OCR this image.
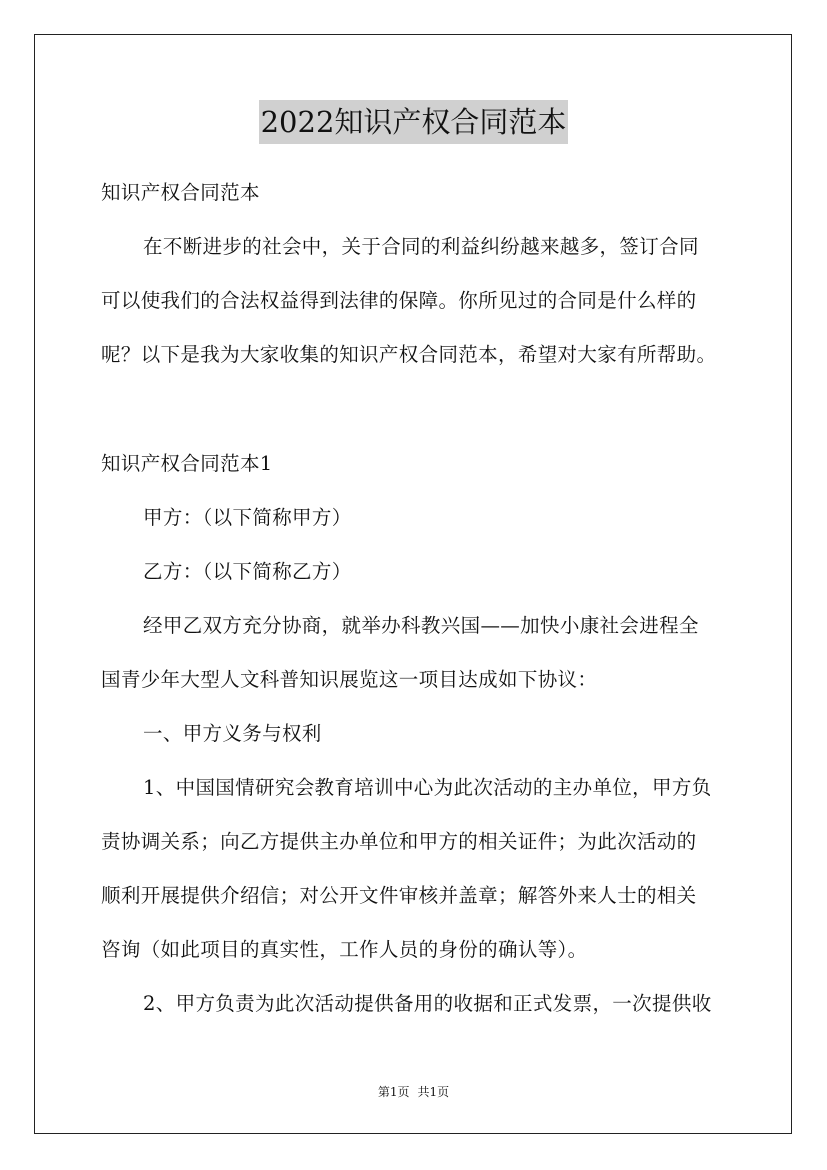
2022知识产权合同范本
知识产权合同范本
在不断进步的社会中，关于合同的利益纠纷越来越多，签订合同
可以使我们的合法权益得到法律的保障。你所见过的合同是什么样的
呢？以下是我为大家收集的知识产权合同范本，希望对大家有所帮助。
知识产权合同范本1
甲方：（以下简称甲方）
乙方：（以下简称乙方）
经甲乙双方充分协商，就举办科教兴国——加快小康社会进程全
国青少年大型人文科普知识展览这一项目达成如下协议：
一、甲方义务与权利
1、中国国情研究会教育培训中心为此次活动的主办单位，甲方负
责协调关系；向乙方提供主办单位和甲方的相关证件；为此次活动的
顺利开展提供介绍信；对公开文件审核并盖章；解答外来人士的相关
咨询（如此项目的真实性，工作人员的身份的确认等）。
2、甲方负责为此次活动提供备用的收据和正式发票，一次提供收
第1页 共1页
